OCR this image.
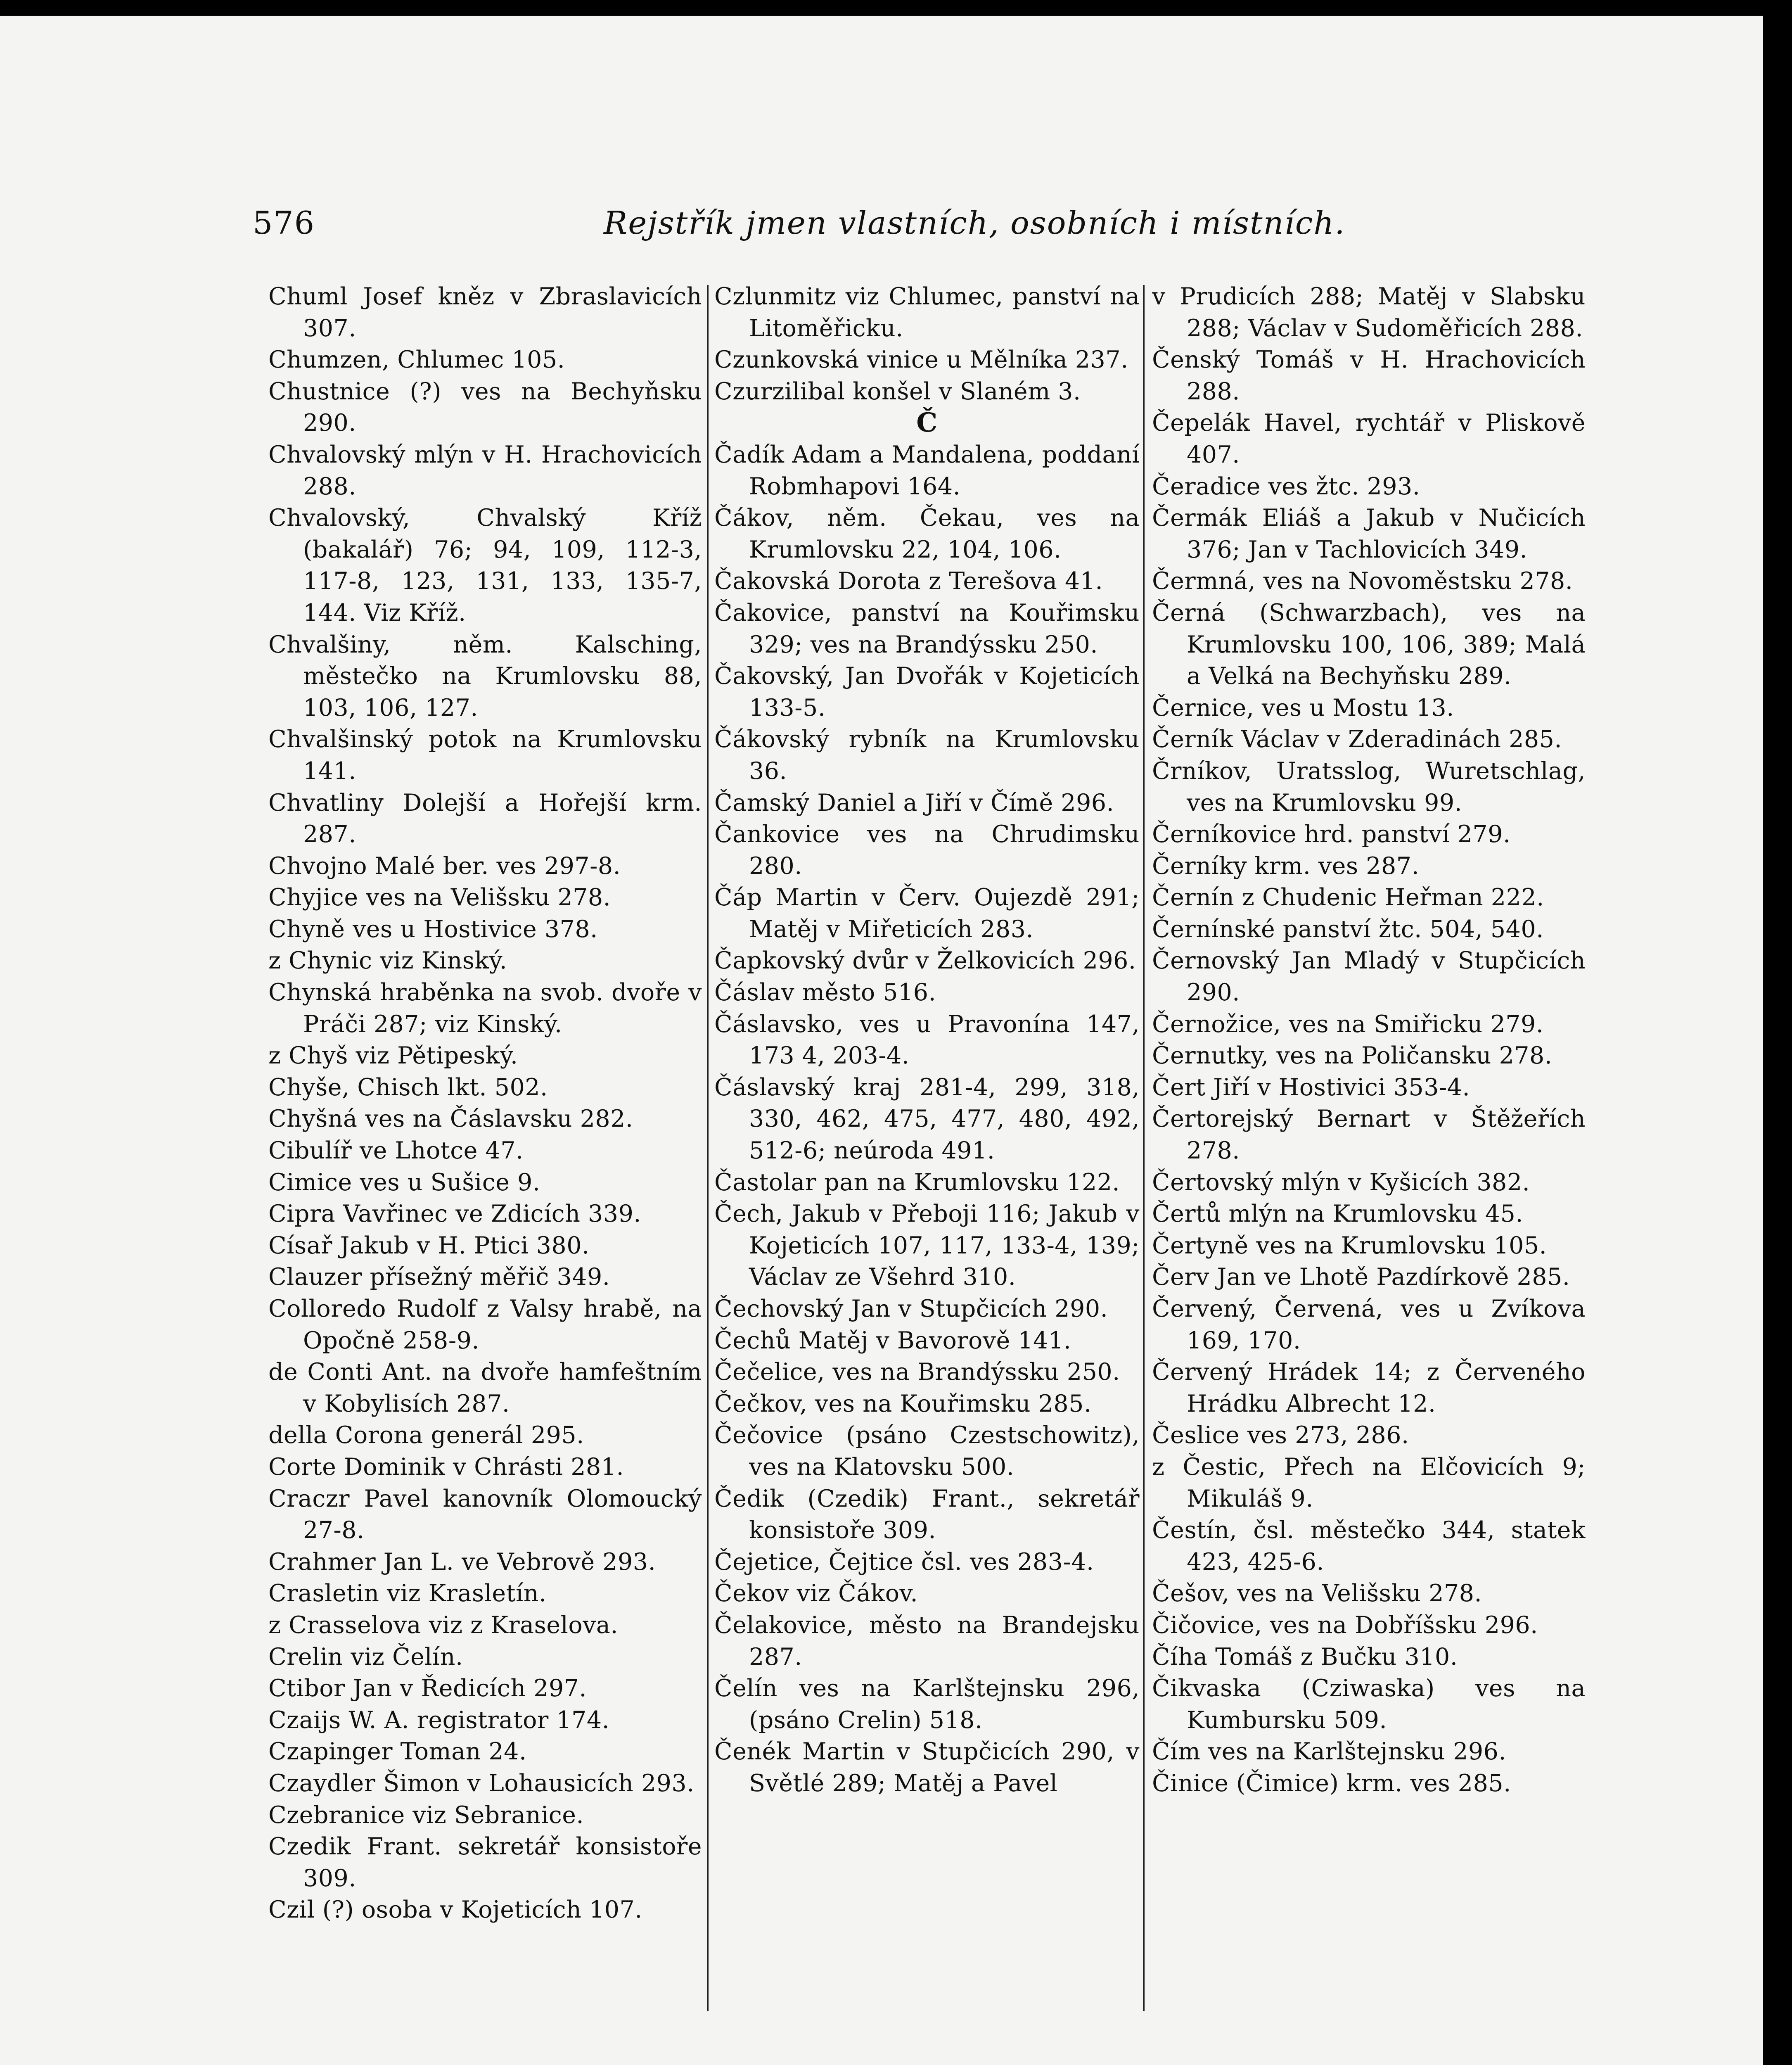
576	Rejstřík jmen vlastních, osobních i místních.

Chuml Josef kněz v Zbraslavicích 307.

Chumzen, Chlumec 105.

Chustnice (?) ves na Bechyňsku 290.

Chvalovský mlýn v H. Hrachovicích 288.

Chvalovský, Chvalský Kříž (bakalář) 76; 94, 109, 112-3, 117-8, 123, 131, 133, 135-7, 144. Viz Kříž.

Chvalšiny, něm. Kalsching, městečko na Krumlovsku 88, 103, 106, 127.

Chvalšinský potok na Krumlovsku 141.

Chvatliny Dolejší a Hořejší krm. 287.

Chvojno Malé ber. ves 297-8.

Chyjice ves na Velišsku 278.

Chyně ves u Hostivice 378.

z Chynic viz Kinský.

Chynská hraběnka na svob. dvoře v Práči 287; viz Kinský.

z Chyš viz Pětipeský.

Chyše, Chisch lkt. 502.

Chyšná ves na Čáslavsku 282.

Cibulíř ve Lhotce 47.

Cimice ves u Sušice 9.

Cipra Vavřinec ve Zdicích 339.

Císař Jakub v H. Ptici 380.

Clauzer přísežný měřič 349.

Colloredo Rudolf z Valsy hrabě, na Opočně 258-9.

de Conti Ant. na dvoře hamfeštním v Kobylisích 287.

della Corona generál 295.

Corte Dominik v Chrásti 281.

Craczr Pavel kanovník Olomoucký 27-8.

Crahmer Jan L. ve Vebrově 293.

Crasletin viz Krasletín.

z Crasselova viz z Kraselova.

Crelin viz Čelín.

Ctibor Jan v Ředicích 297.

Czaijs W. A. registrator 174.

Czapinger Toman 24.

Czaydler Šimon v Lohausicích 293.

Czebranice viz Sebranice.

Czedik Frant. sekretář konsistoře 309.

Czil (?) osoba v Kojeticích 107.

Czlunmitz viz Chlumec, panství na Litoměřicku.

Czunkovská vinice u Mělníka 237.

Czurzilibal konšel v Slaném 3.

Č

Čadík Adam a Mandalena, poddaní Robmhapovi 164.

Čákov, něm. Čekau, ves na Krumlovsku 22, 104, 106.

Čakovská Dorota z Terešova 41.

Čakovice, panství na Kouřimsku 329; ves na Brandýssku 250.

Čakovský, Jan Dvořák v Kojeticích 133-5.

Čákovský rybník na Krumlovsku 36.

Čamský Daniel a Jiří v Čímě 296.

Čankovice ves na Chrudimsku 280.

Čáp Martin v Červ. Oujezdě 291; Matěj v Miřeticích 283.

Čapkovský dvůr v Želkovicích 296.

Čáslav město 516.

Čáslavsko, ves u Pravonína 147, 173 4, 203-4.

Čáslavský kraj 281-4, 299, 318, 330, 462, 475, 477, 480, 492, 512-6; neúroda 491.

Častolar pan na Krumlovsku 122.

Čech, Jakub v Přeboji 116; Jakub v Kojeticích 107, 117, 133-4, 139; Václav ze Všehrd 310.

Čechovský Jan v Stupčicích 290.

Čechů Matěj v Bavorově 141.

Čečelice, ves na Brandýssku 250.

Čečkov, ves na Kouřimsku 285.

Čečovice (psáno Czestschowitz), ves na Klatovsku 500.

Čedik (Czedik) Frant., sekretář konsistoře 309.

Čejetice, Čejtice čsl. ves 283-4.

Čekov viz Čákov.

Čelakovice, město na Brandejsku 287.

Čelín ves na Karlštejnsku 296, (psáno Crelin) 518.

Čenék Martin v Stupčicích 290, v Světlé 289; Matěj a Pavel

v Prudicích 288; Matěj v Slabsku 288; Václav v Sudoměřicích 288.

Čenský Tomáš v H. Hrachovicích 288.

Čepelák Havel, rychtář v Pliskově 407.

Čeradice ves žtc. 293.

Čermák Eliáš a Jakub v Nučicích 376; Jan v Tachlovicích 349.

Čermná, ves na Novoměstsku 278.

Černá (Schwarzbach), ves na Krumlovsku 100, 106, 389; Malá a Velká na Bechyňsku 289.

Černice, ves u Mostu 13.

Černík Václav v Zderadinách 285.

Črníkov, Uratsslog, Wuretschlag, ves na Krumlovsku 99.

Černíkovice hrd. panství 279.

Černíky krm. ves 287.

Černín z Chudenic Heřman 222.

Černínské panství žtc. 504, 540.

Černovský Jan Mladý v Stupčicích 290.

Černožice, ves na Smiřicku 279.

Černutky, ves na Poličansku 278.

Čert Jiří v Hostivici 353-4.

Čertorejský Bernart v Štěžeřích 278.

Čertovský mlýn v Kyšicích 382.

Čertů mlýn na Krumlovsku 45.

Čertyně ves na Krumlovsku 105.

Červ Jan ve Lhotě Pazdírkově 285.

Červený, Červená, ves u Zvíkova 169, 170.

Červený Hrádek 14; z Červeného Hrádku Albrecht 12.

Česlice ves 273, 286.

z Čestic, Přech na Elčovicích 9; Mikuláš 9.

Čestín, čsl. městečko 344, statek 423, 425-6.

Češov, ves na Velišsku 278.

Čičovice, ves na Dobříšsku 296.

Číha Tomáš z Bučku 310.

Čikvaska (Cziwaska) ves na Kumbursku 509.

Čím ves na Karlštejnsku 296.

Činice (Čimice) krm. ves 285.
